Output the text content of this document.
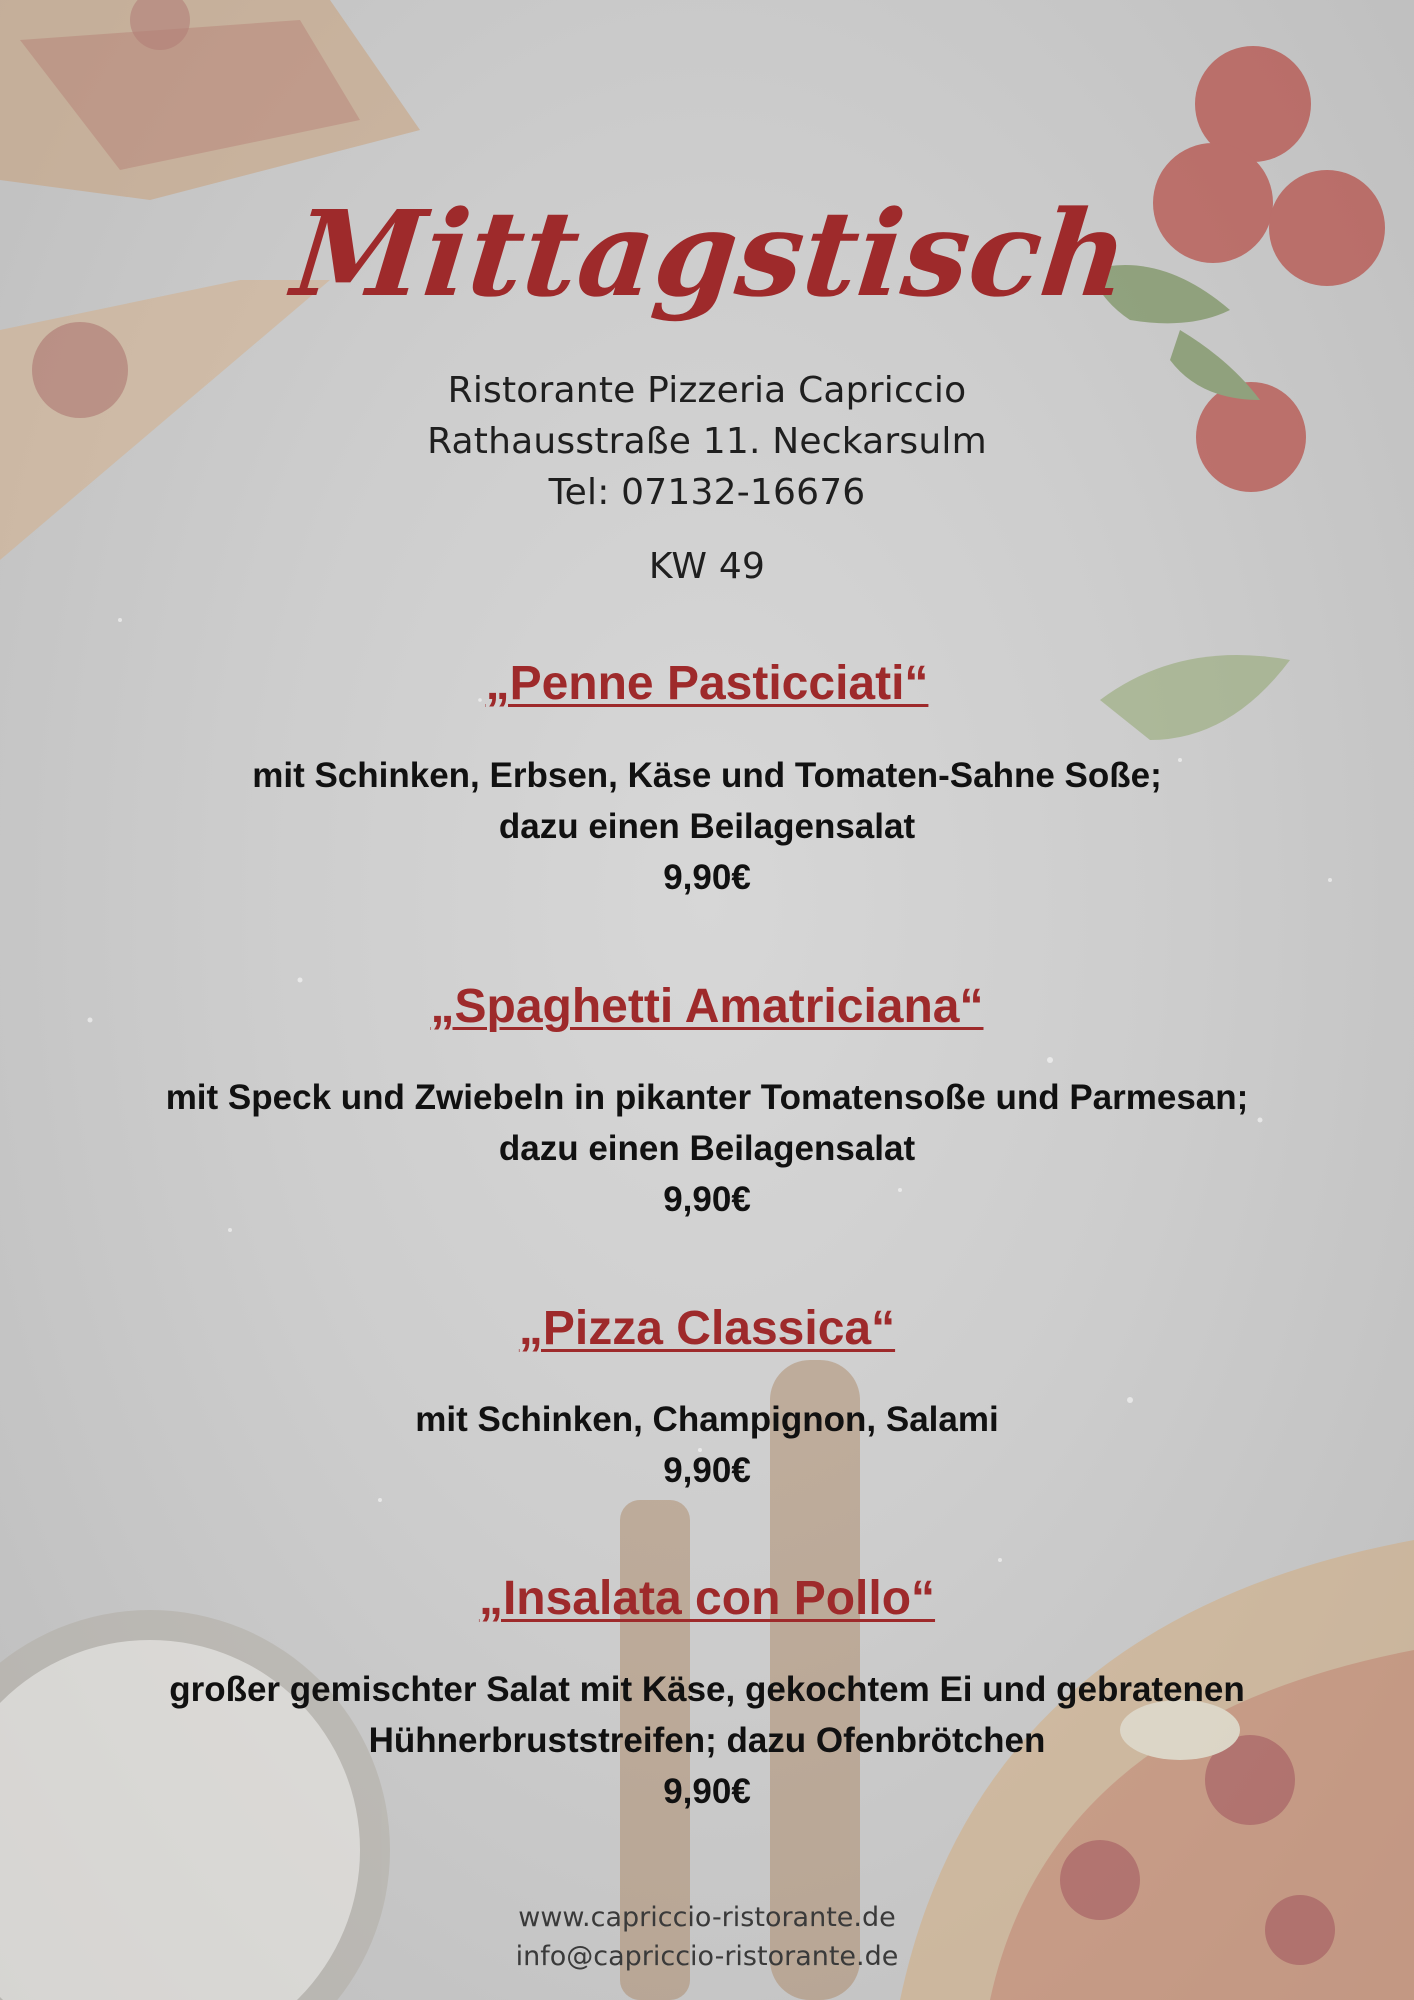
Mittagstisch
Ristorante Pizzeria Capriccio
Rathausstraße 11. Neckarsulm
Tel: 07132-16676
KW 49
„Penne Pasticciati“
mit Schinken, Erbsen, Käse und Tomaten-Sahne Soße;
dazu einen Beilagensalat
9,90€
„Spaghetti Amatriciana“
mit Speck und Zwiebeln in pikanter Tomatensoße und Parmesan;
dazu einen Beilagensalat
9,90€
„Pizza Classica“
mit Schinken, Champignon, Salami
9,90€
„Insalata con Pollo“
großer gemischter Salat mit Käse, gekochtem Ei und gebratenen
Hühnerbruststreifen; dazu Ofenbrötchen
9,90€
www.capriccio-ristorante.de
info@capriccio-ristorante.de
